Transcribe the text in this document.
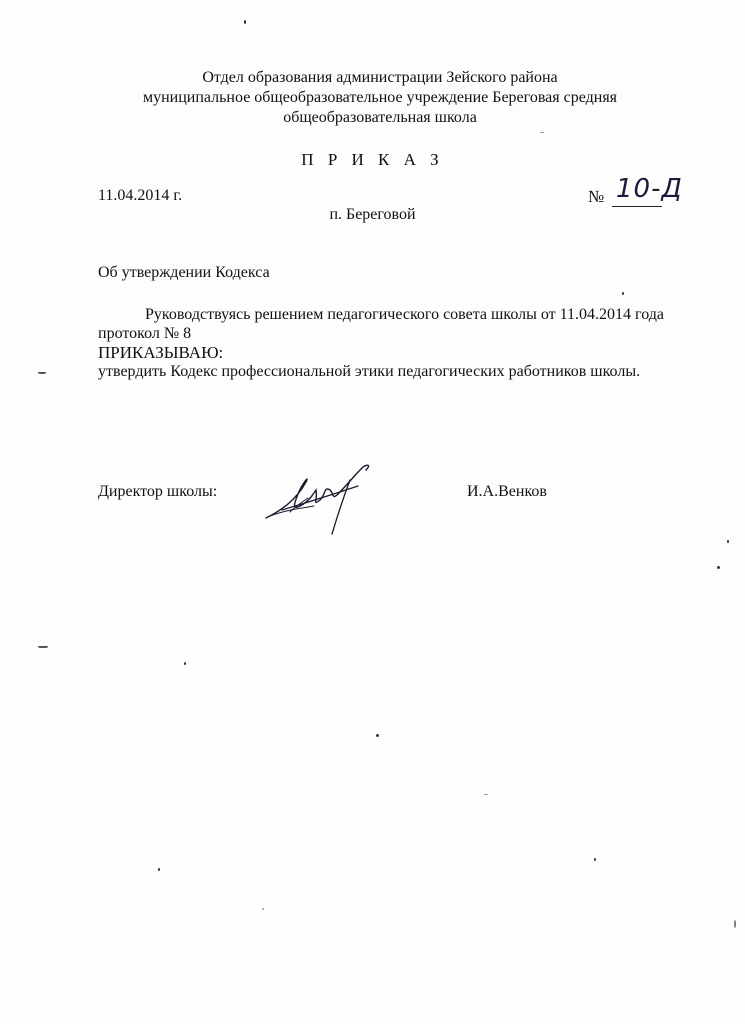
Отдел образования администрации Зейского района
муниципальное общеобразовательное учреждение Береговая средняя
общеобразовательная школа
П Р И К А З
11.04.2014 г.	№ 10-Д
п. Береговой
Об утверждении Кодекса

Руководствуясь решением педагогического совета школы от 11.04.2014 года протокол № 8

ПРИКАЗЫВАЮ:

утвердить Кодекс профессиональной этики педагогических работников школы.

Директор школы:	И.А.Венков
